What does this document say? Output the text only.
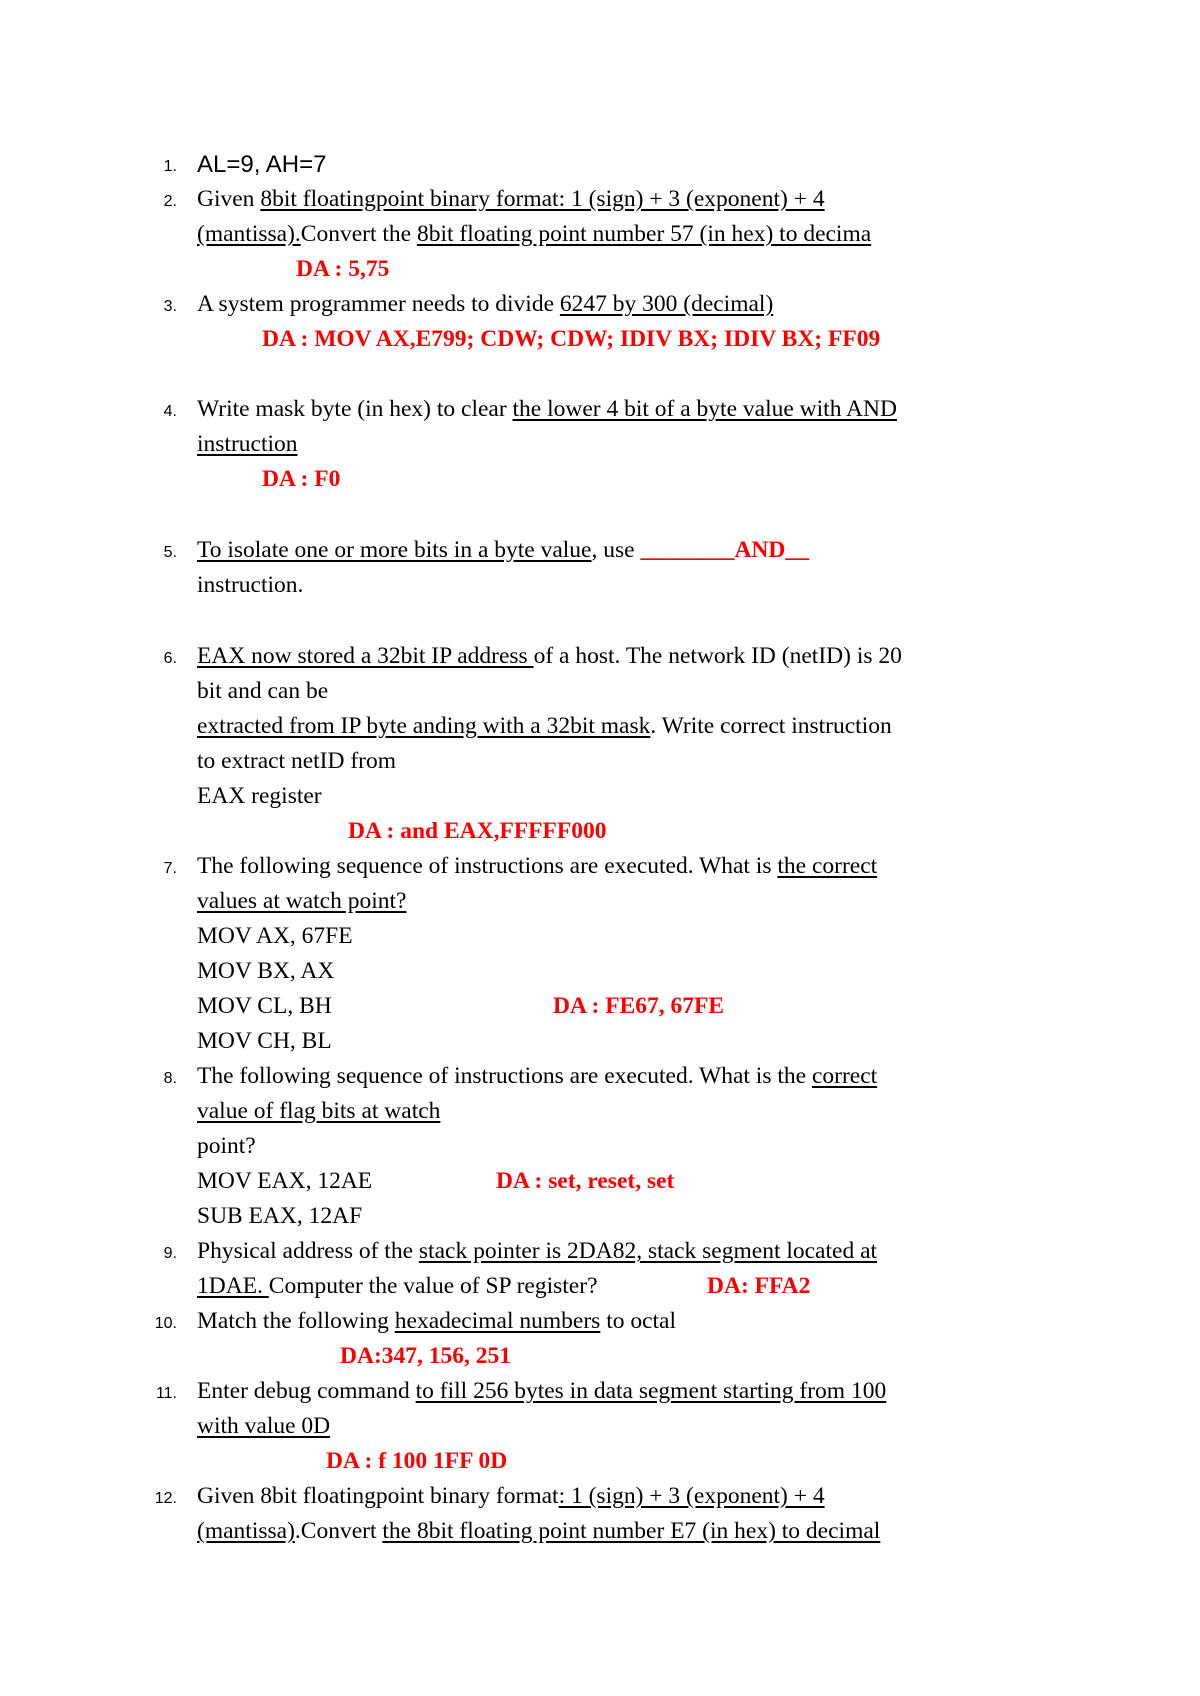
1. AL=9, AH=7
2. Given 8bit floatingpoint binary format: 1 (sign) + 3 (exponent) + 4
(mantissa).Convert the 8bit floating point number 57 (in hex) to decima
DA : 5,75
3. A system programmer needs to divide 6247 by 300 (decimal)
DA : MOV AX,E799; CDW; CDW; IDIV BX; IDIV BX; FF09
4. Write mask byte (in hex) to clear the lower 4 bit of a byte value with AND
instruction
DA : F0
5. To isolate one or more bits in a byte value, use ________AND__
instruction.
6. EAX now stored a 32bit IP address of a host. The network ID (netID) is 20
bit and can be
extracted from IP byte anding with a 32bit mask. Write correct instruction
to extract netID from
EAX register
DA : and EAX,FFFFF000
7. The following sequence of instructions are executed. What is the correct
values at watch point?
MOV AX, 67FE
MOV BX, AX
MOV CL, BH	DA : FE67, 67FE
MOV CH, BL
8. The following sequence of instructions are executed. What is the correct
value of flag bits at watch
point?
MOV EAX, 12AE	DA : set, reset, set
SUB EAX, 12AF
9. Physical address of the stack pointer is 2DA82, stack segment located at
1DAE. Computer the value of SP register?	DA: FFA2
10. Match the following hexadecimal numbers to octal
DA:347, 156, 251
11. Enter debug command to fill 256 bytes in data segment starting from 100
with value 0D
DA : f 100 1FF 0D
12. Given 8bit floatingpoint binary format: 1 (sign) + 3 (exponent) + 4
(mantissa).Convert the 8bit floating point number E7 (in hex) to decimal
